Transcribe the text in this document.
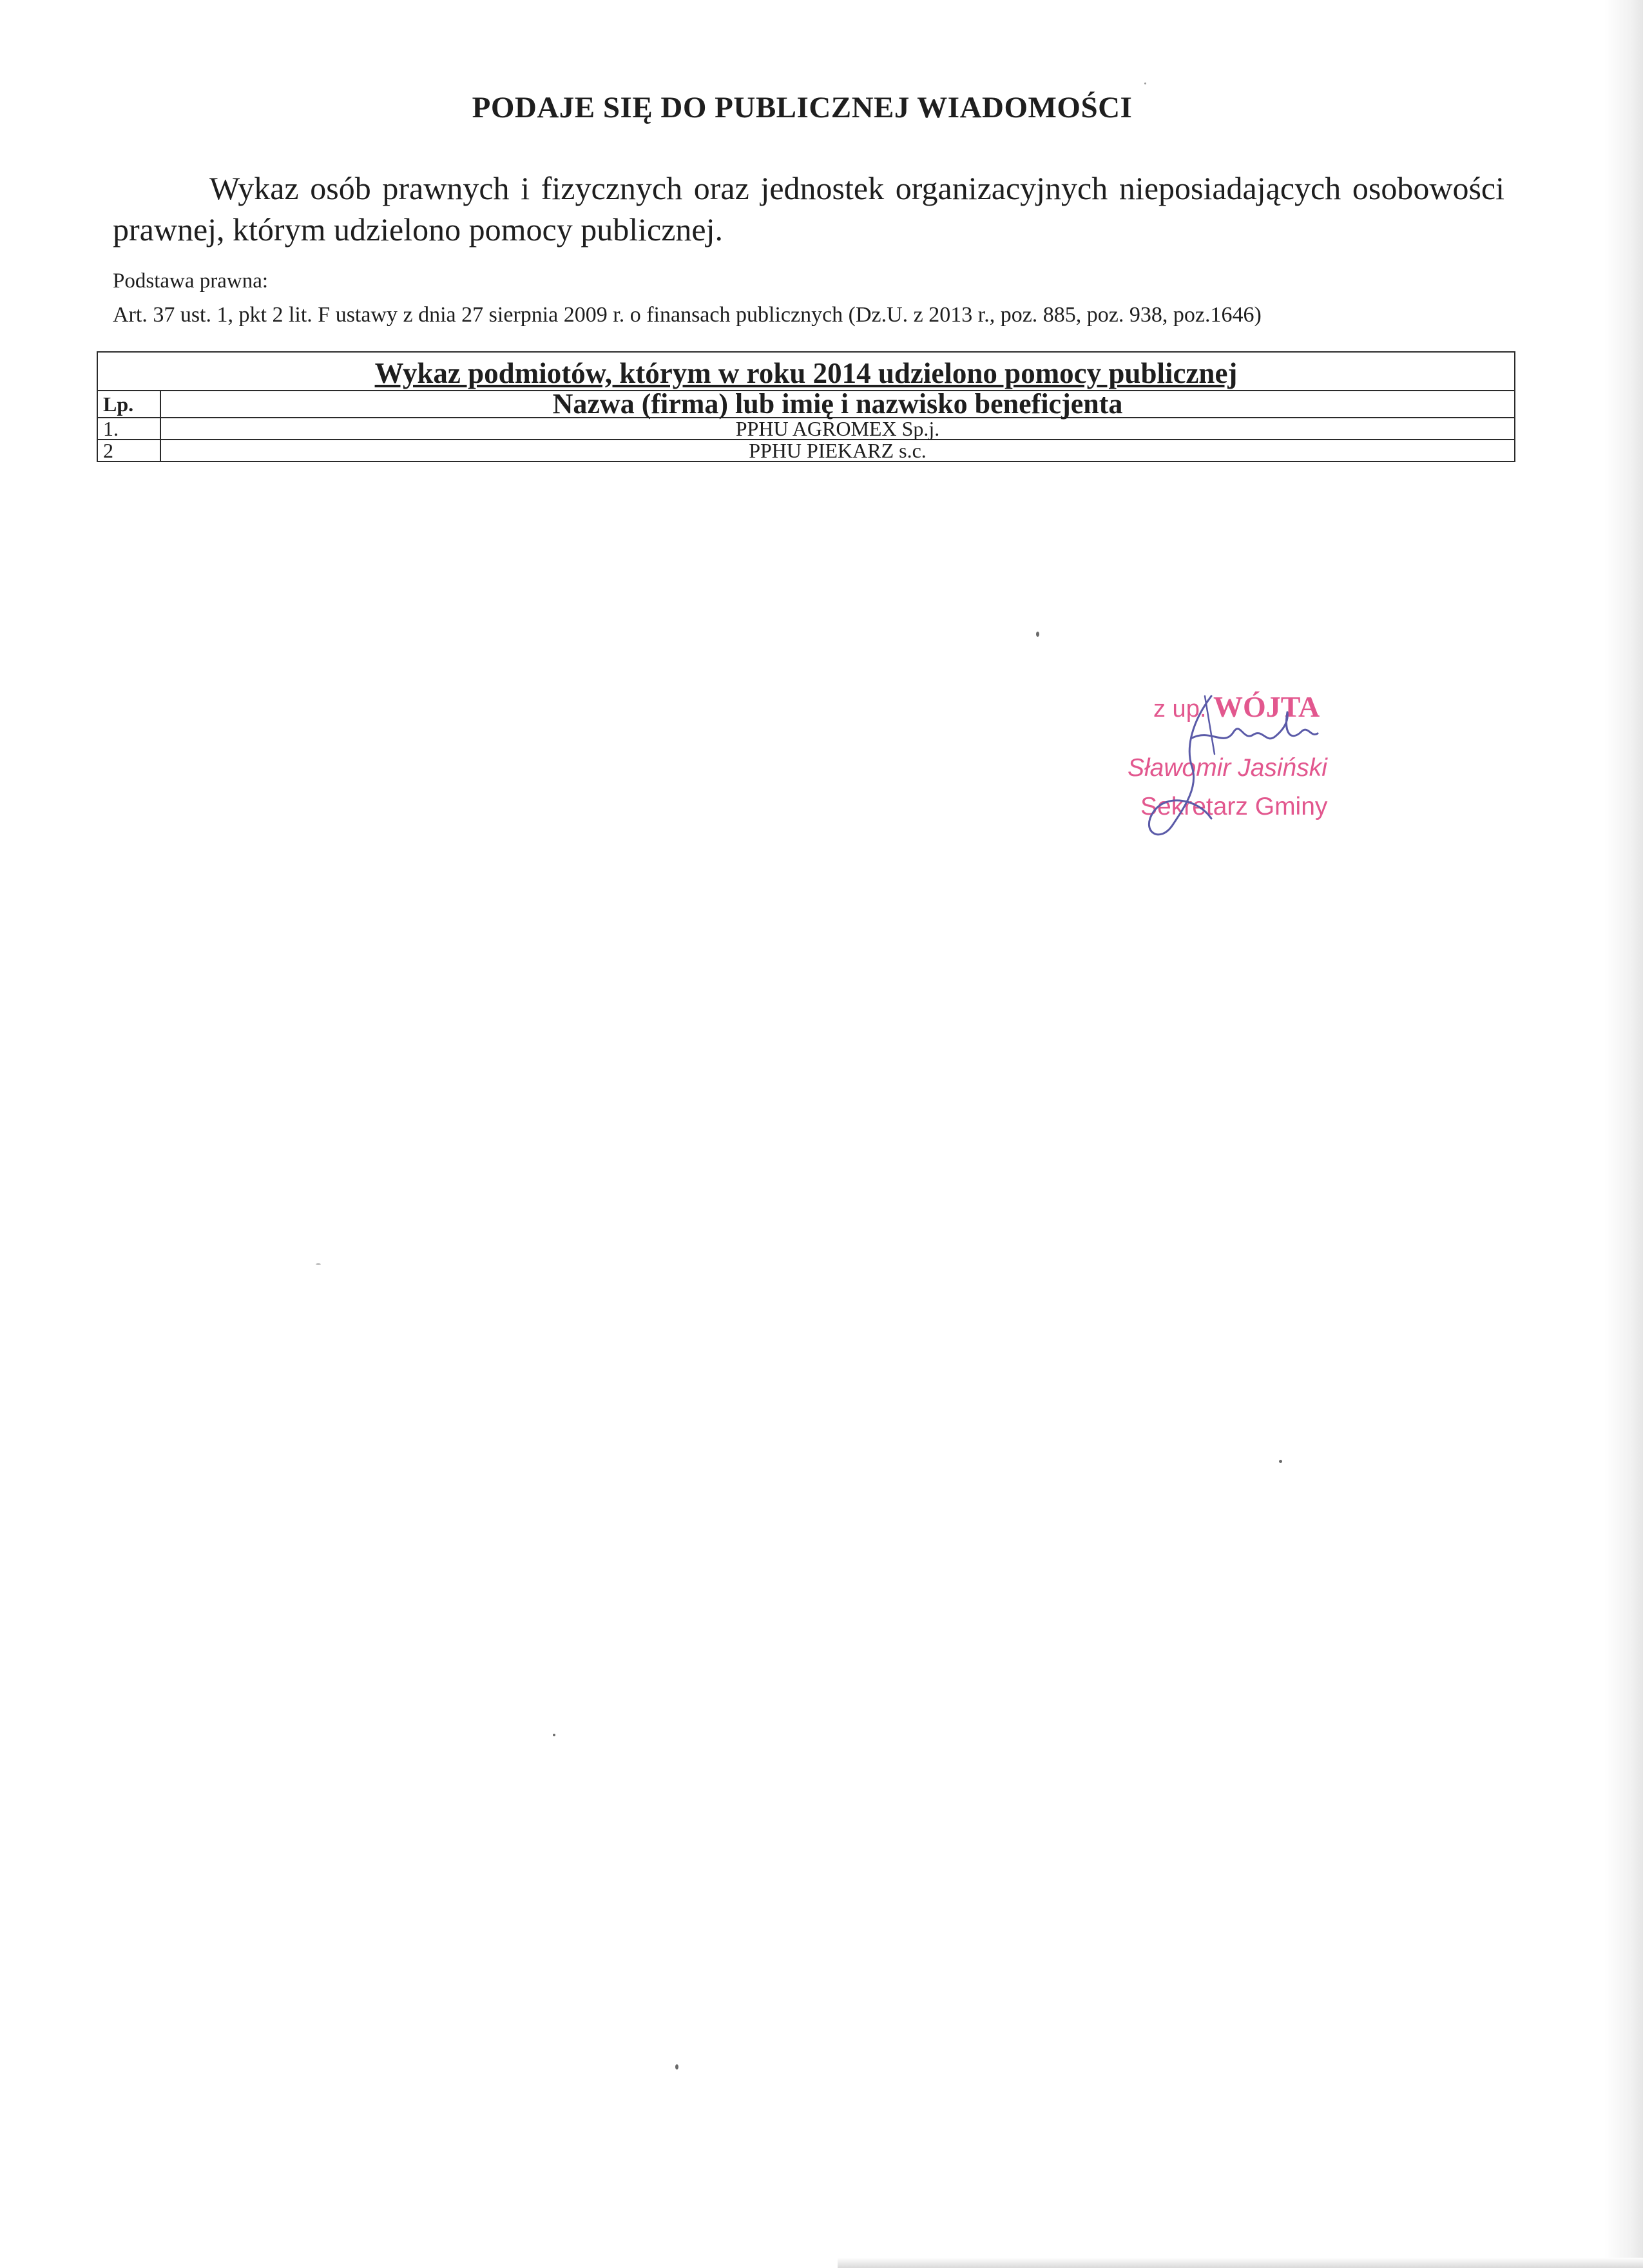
PODAJE SIĘ DO PUBLICZNEJ WIADOMOŚCI
Wykaz osób prawnych i fizycznych oraz jednostek organizacyjnych nieposiadających osobowości prawnej, którym udzielono pomocy publicznej.
Podstawa prawna:
Art. 37 ust. 1, pkt 2 lit. F ustawy z dnia 27 sierpnia 2009 r. o finansach publicznych (Dz.U. z 2013 r., poz. 885, poz. 938, poz.1646)
Wykaz podmiotów, którym w roku 2014 udzielono pomocy publicznej	
Lp.	Nazwa (firma) lub imię i nazwisko beneficjenta
1.	PPHU AGROMEX Sp.j.
2	PPHU PIEKARZ s.c.
z up. WÓJTA
Sławomir Jasiński
Sekretarz Gminy
